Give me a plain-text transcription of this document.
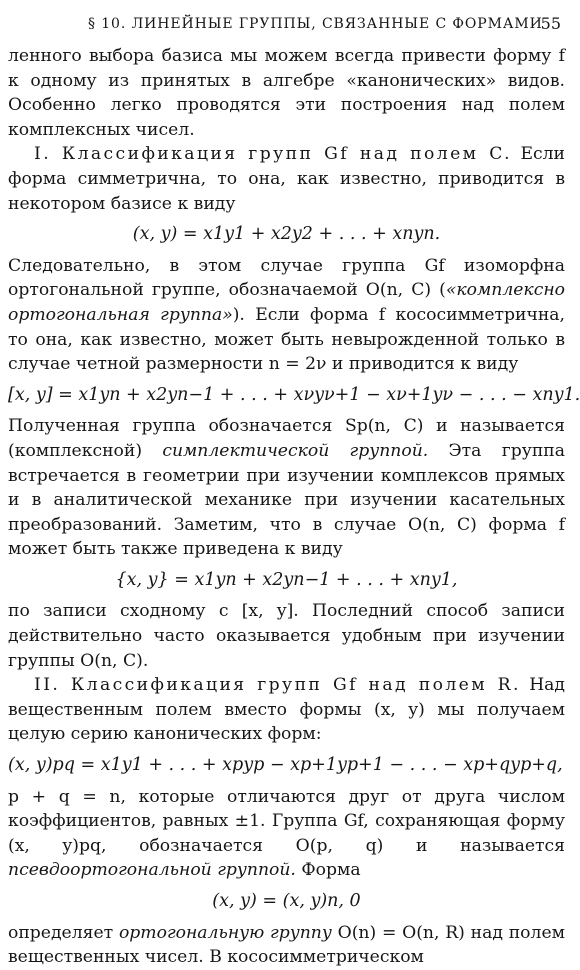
§ 10. ЛИНЕЙНЫЕ ГРУППЫ, СВЯЗАННЫЕ С ФОРМАМИ
55

ленного выбора базиса мы можем всегда привести форму f к одному из принятых в алгебре «канонических» видов. Особенно легко проводятся эти построения над полем комплексных чисел.

I. Классификация групп Gf над полем C. Если форма симметрична, то она, как известно, приводится в некотором базисе к виду

(x, y) = x1y1 + x2y2 + . . . + xnyn.

Следовательно, в этом случае группа Gf изоморфна ортогональной группе, обозначаемой O(n, C) («комплексно ортогональная группа»). Если форма f кососимметрична, то она, как известно, может быть невырожденной только в случае четной размерности n = 2ν и приводится к виду

[x, y] = x1yn + x2yn−1 + . . . + xνyν+1 − xν+1yν − . . . − xny1.

Полученная группа обозначается Sp(n, C) и называется (комплексной) симплектической группой. Эта группа встречается в геометрии при изучении комплексов прямых и в аналитической механике при изучении касательных преобразований. Заметим, что в случае O(n, C) форма f может быть также приведена к виду

{x, y} = x1yn + x2yn−1 + . . . + xny1,

по записи сходному с [x, y]. Последний способ записи действительно часто оказывается удобным при изучении группы O(n, C).

II. Классификация групп Gf над полем R. Над вещественным полем вместо формы (x, y) мы получаем целую серию канонических форм:

(x, y)pq = x1y1 + . . . + xpyp − xp+1yp+1 − . . . − xp+qyp+q,

p + q = n, которые отличаются друг от друга числом коэффициентов, равных ±1. Группа Gf, сохраняющая форму (x, y)pq, обозначается O(p, q) и называется псевдоортогональной группой. Форма

(x, y) = (x, y)n, 0

определяет ортогональную группу O(n) = O(n, R) над полем вещественных чисел. В кососимметрическом
